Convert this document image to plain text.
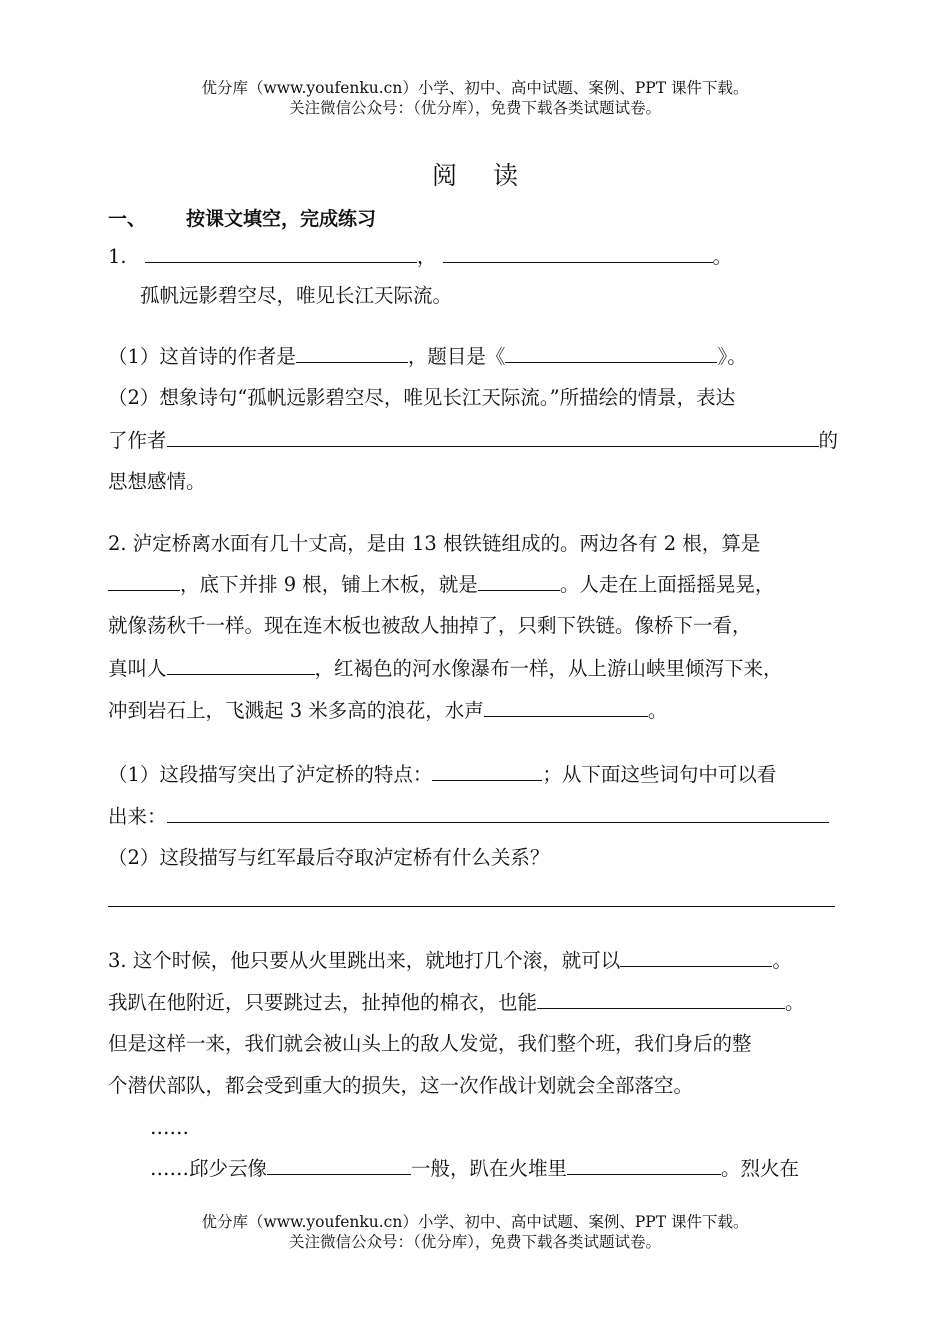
优分库（www.youfenku.cn）小学、初中、高中试题、案例、PPT 课件下载。
关注微信公众号：（优分库），免费下载各类试题试卷。
阅读
一、 按课文填空，完成练习
1.	，	。
孤帆远影碧空尽，唯见长江天际流。
（1）这首诗的作者是	，题目是《	》。
（2）想象诗句“孤帆远影碧空尽，唯见长江天际流。”所描绘的情景，表达
了作者	的
思想感情。
2. 泸定桥离水面有几十丈高，是由 13 根铁链组成的。两边各有 2 根，算是
，底下并排 9 根，铺上木板，就是	。人走在上面摇摇晃晃，
就像荡秋千一样。现在连木板也被敌人抽掉了，只剩下铁链。像桥下一看，
真叫人	，红褐色的河水像瀑布一样，从上游山峡里倾泻下来，
冲到岩石上，飞溅起 3 米多高的浪花，水声	。
（1）这段描写突出了泸定桥的特点：	；从下面这些词句中可以看
出来：
（2）这段描写与红军最后夺取泸定桥有什么关系？
3. 这个时候，他只要从火里跳出来，就地打几个滚，就可以	。
我趴在他附近，只要跳过去，扯掉他的棉衣，也能	。
但是这样一来，我们就会被山头上的敌人发觉，我们整个班，我们身后的整
个潜伏部队，都会受到重大的损失，这一次作战计划就会全部落空。
……
……邱少云像	一般，趴在火堆里	。烈火在
优分库（www.youfenku.cn）小学、初中、高中试题、案例、PPT 课件下载。
关注微信公众号：（优分库），免费下载各类试题试卷。
